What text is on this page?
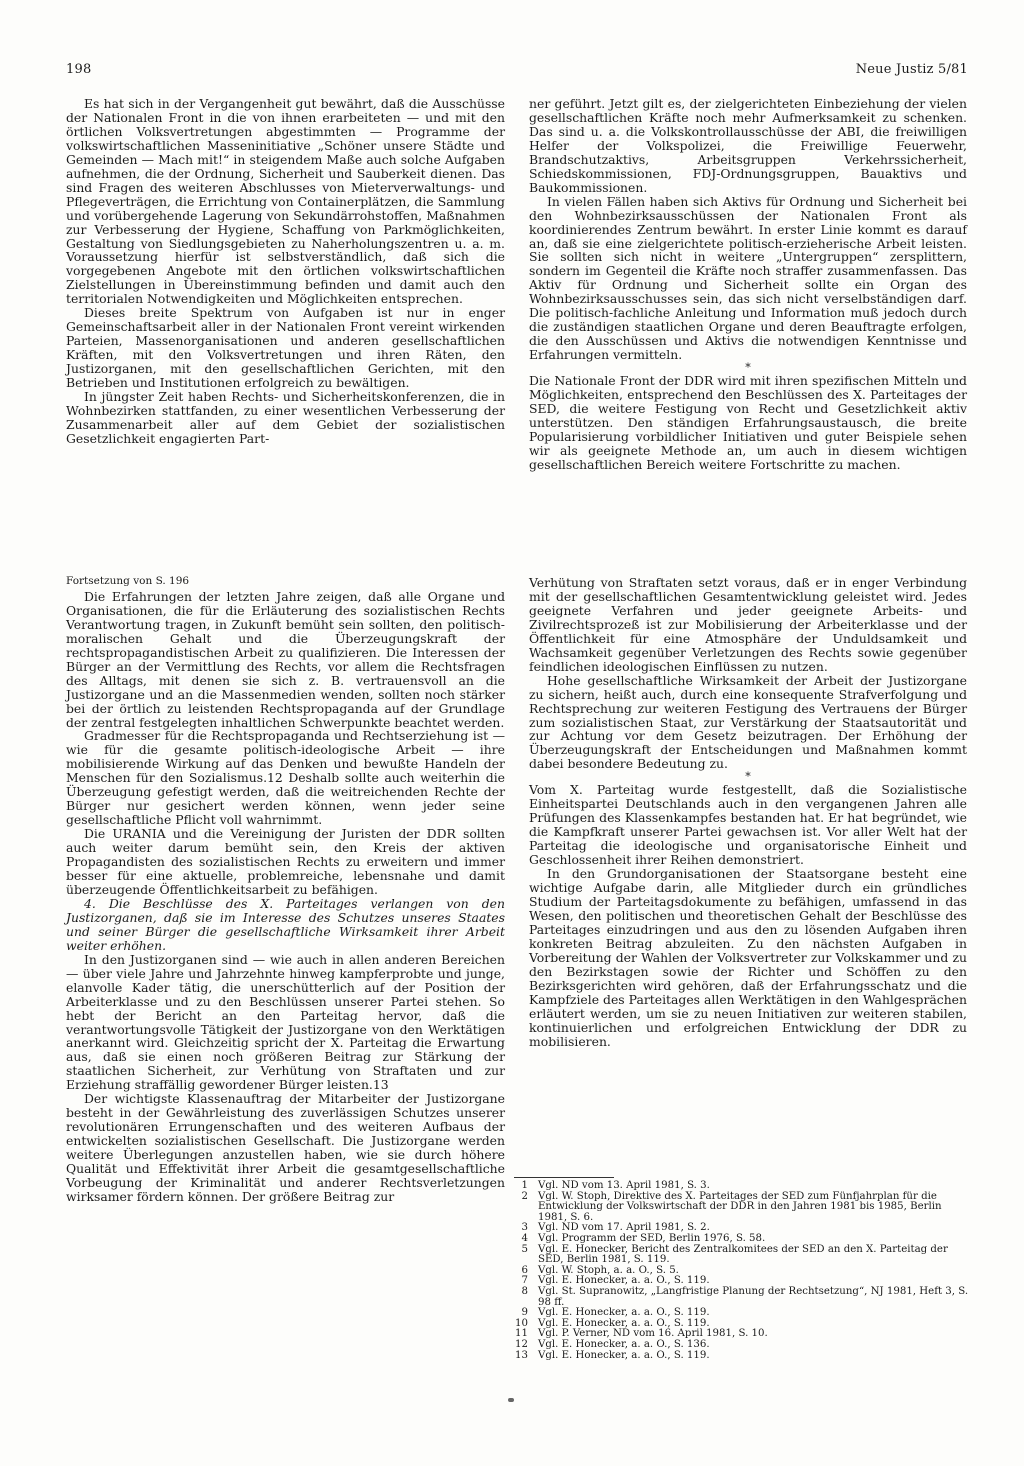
198	Neue Justiz 5/81

Es hat sich in der Vergangenheit gut bewährt, daß die Ausschüsse der Nationalen Front in die von ihnen erarbeiteten — und mit den örtlichen Volksvertretungen abgestimmten — Programme der volkswirtschaftlichen Masseninitiative „Schöner unsere Städte und Gemeinden — Mach mit!“ in steigendem Maße auch solche Aufgaben aufnehmen, die der Ordnung, Sicherheit und Sauberkeit dienen. Das sind Fragen des weiteren Abschlusses von Mieterverwaltungs- und Pflegeverträgen, die Errichtung von Containerplätzen, die Sammlung und vorübergehende Lagerung von Sekundärrohstoffen, Maßnahmen zur Verbesserung der Hygiene, Schaffung von Parkmöglichkeiten, Gestaltung von Siedlungsgebieten zu Naherholungszentren u. a. m. Voraussetzung hierfür ist selbstverständlich, daß sich die vorgegebenen Angebote mit den örtlichen volkswirtschaftlichen Zielstellungen in Übereinstimmung befinden und damit auch den territorialen Notwendigkeiten und Möglichkeiten entsprechen.

Dieses breite Spektrum von Aufgaben ist nur in enger Gemeinschaftsarbeit aller in der Nationalen Front vereint wirkenden Parteien, Massenorganisationen und anderen gesellschaftlichen Kräften, mit den Volksvertretungen und ihren Räten, den Justizorganen, mit den gesellschaftlichen Gerichten, mit den Betrieben und Institutionen erfolgreich zu bewältigen.

In jüngster Zeit haben Rechts- und Sicherheitskonferenzen, die in Wohnbezirken stattfanden, zu einer wesentlichen Verbesserung der Zusammenarbeit aller auf dem Gebiet der sozialistischen Gesetzlichkeit engagierten Part-

ner geführt. Jetzt gilt es, der zielgerichteten Einbeziehung der vielen gesellschaftlichen Kräfte noch mehr Aufmerksamkeit zu schenken. Das sind u. a. die Volkskontrollausschüsse der ABI, die freiwilligen Helfer der Volkspolizei, die Freiwillige Feuerwehr, Brandschutzaktivs, Arbeitsgruppen Verkehrssicherheit, Schiedskommissionen, FDJ-Ordnungsgruppen, Bauaktivs und Baukommissionen.

In vielen Fällen haben sich Aktivs für Ordnung und Sicherheit bei den Wohnbezirksausschüssen der Nationalen Front als koordinierendes Zentrum bewährt. In erster Linie kommt es darauf an, daß sie eine zielgerichtete politisch-erzieherische Arbeit leisten. Sie sollten sich nicht in weitere „Untergruppen“ zersplittern, sondern im Gegenteil die Kräfte noch straffer zusammenfassen. Das Aktiv für Ordnung und Sicherheit sollte ein Organ des Wohnbezirksausschusses sein, das sich nicht verselbständigen darf. Die politisch-fachliche Anleitung und Information muß jedoch durch die zuständigen staatlichen Organe und deren Beauftragte erfolgen, die den Ausschüssen und Aktivs die notwendigen Kenntnisse und Erfahrungen vermitteln.

*

Die Nationale Front der DDR wird mit ihren spezifischen Mitteln und Möglichkeiten, entsprechend den Beschlüssen des X. Parteitages der SED, die weitere Festigung von Recht und Gesetzlichkeit aktiv unterstützen. Den ständigen Erfahrungsaustausch, die breite Popularisierung vorbildlicher Initiativen und guter Beispiele sehen wir als geeignete Methode an, um auch in diesem wichtigen gesellschaftlichen Bereich weitere Fortschritte zu machen.

Fortsetzung von S. 196

Die Erfahrungen der letzten Jahre zeigen, daß alle Organe und Organisationen, die für die Erläuterung des sozialistischen Rechts Verantwortung tragen, in Zukunft bemüht sein sollten, den politisch-moralischen Gehalt und die Überzeugungskraft der rechtspropagandistischen Arbeit zu qualifizieren. Die Interessen der Bürger an der Vermittlung des Rechts, vor allem die Rechtsfragen des Alltags, mit denen sie sich z. B. vertrauensvoll an die Justizorgane und an die Massenmedien wenden, sollten noch stärker bei der örtlich zu leistenden Rechtspropaganda auf der Grundlage der zentral festgelegten inhaltlichen Schwerpunkte beachtet werden.

Gradmesser für die Rechtspropaganda und Rechtserziehung ist — wie für die gesamte politisch-ideologische Arbeit — ihre mobilisierende Wirkung auf das Denken und bewußte Handeln der Menschen für den Sozialismus.12 Deshalb sollte auch weiterhin die Überzeugung gefestigt werden, daß die weitreichenden Rechte der Bürger nur gesichert werden können, wenn jeder seine gesellschaftliche Pflicht voll wahrnimmt.

Die URANIA und die Vereinigung der Juristen der DDR sollten auch weiter darum bemüht sein, den Kreis der aktiven Propagandisten des sozialistischen Rechts zu erweitern und immer besser für eine aktuelle, problemreiche, lebensnahe und damit überzeugende Öffentlichkeitsarbeit zu befähigen.

4. Die Beschlüsse des X. Parteitages verlangen von den Justizorganen, daß sie im Interesse des Schutzes unseres Staates und seiner Bürger die gesellschaftliche Wirksamkeit ihrer Arbeit weiter erhöhen.

In den Justizorganen sind — wie auch in allen anderen Bereichen — über viele Jahre und Jahrzehnte hinweg kampferprobte und junge, elanvolle Kader tätig, die unerschütterlich auf der Position der Arbeiterklasse und zu den Beschlüssen unserer Partei stehen. So hebt der Bericht an den Parteitag hervor, daß die verantwortungsvolle Tätigkeit der Justizorgane von den Werktätigen anerkannt wird. Gleichzeitig spricht der X. Parteitag die Erwartung aus, daß sie einen noch größeren Beitrag zur Stärkung der staatlichen Sicherheit, zur Verhütung von Straftaten und zur Erziehung straffällig gewordener Bürger leisten.13

Der wichtigste Klassenauftrag der Mitarbeiter der Justizorgane besteht in der Gewährleistung des zuverlässigen Schutzes unserer revolutionären Errungenschaften und des weiteren Aufbaus der entwickelten sozialistischen Gesellschaft. Die Justizorgane werden weitere Überlegungen anzustellen haben, wie sie durch höhere Qualität und Effektivität ihrer Arbeit die gesamtgesellschaftliche Vorbeugung der Kriminalität und anderer Rechtsverletzungen wirksamer fördern können. Der größere Beitrag zur

Verhütung von Straftaten setzt voraus, daß er in enger Verbindung mit der gesellschaftlichen Gesamtentwicklung geleistet wird. Jedes geeignete Verfahren und jeder geeignete Arbeits- und Zivilrechtsprozeß ist zur Mobilisierung der Arbeiterklasse und der Öffentlichkeit für eine Atmosphäre der Unduldsamkeit und Wachsamkeit gegenüber Verletzungen des Rechts sowie gegenüber feindlichen ideologischen Einflüssen zu nutzen.

Hohe gesellschaftliche Wirksamkeit der Arbeit der Justizorgane zu sichern, heißt auch, durch eine konsequente Strafverfolgung und Rechtsprechung zur weiteren Festigung des Vertrauens der Bürger zum sozialistischen Staat, zur Verstärkung der Staatsautorität und zur Achtung vor dem Gesetz beizutragen. Der Erhöhung der Überzeugungskraft der Entscheidungen und Maßnahmen kommt dabei besondere Bedeutung zu.

*

Vom X. Parteitag wurde festgestellt, daß die Sozialistische Einheitspartei Deutschlands auch in den vergangenen Jahren alle Prüfungen des Klassenkampfes bestanden hat. Er hat begründet, wie die Kampfkraft unserer Partei gewachsen ist. Vor aller Welt hat der Parteitag die ideologische und organisatorische Einheit und Geschlossenheit ihrer Reihen demonstriert.

In den Grundorganisationen der Staatsorgane besteht eine wichtige Aufgabe darin, alle Mitglieder durch ein gründliches Studium der Parteitagsdokumente zu befähigen, umfassend in das Wesen, den politischen und theoretischen Gehalt der Beschlüsse des Parteitages einzudringen und aus den zu lösenden Aufgaben ihren konkreten Beitrag abzuleiten. Zu den nächsten Aufgaben in Vorbereitung der Wahlen der Volksvertreter zur Volkskammer und zu den Bezirkstagen sowie der Richter und Schöffen zu den Bezirksgerichten wird gehören, daß der Erfahrungsschatz und die Kampfziele des Parteitages allen Werktätigen in den Wahlgesprächen erläutert werden, um sie zu neuen Initiativen zur weiteren stabilen, kontinuierlichen und erfolgreichen Entwicklung der DDR zu mobilisieren.

1 Vgl. ND vom 13. April 1981, S. 3.
2 Vgl. W. Stoph, Direktive des X. Parteitages der SED zum Fünfjahrplan für die Entwicklung der Volkswirtschaft der DDR in den Jahren 1981 bis 1985, Berlin 1981, S. 6.
3 Vgl. ND vom 17. April 1981, S. 2.
4 Vgl. Programm der SED, Berlin 1976, S. 58.
5 Vgl. E. Honecker, Bericht des Zentralkomitees der SED an den X. Parteitag der SED, Berlin 1981, S. 119.
6 Vgl. W. Stoph, a. a. O., S. 5.
7 Vgl. E. Honecker, a. a. O., S. 119.
8 Vgl. St. Supranowitz, „Langfristige Planung der Rechtsetzung“, NJ 1981, Heft 3, S. 98 ff.
9 Vgl. E. Honecker, a. a. O., S. 119.
10 Vgl. E. Honecker, a. a. O., S. 119.
11 Vgl. P. Verner, ND vom 16. April 1981, S. 10.
12 Vgl. E. Honecker, a. a. O., S. 136.
13 Vgl. E. Honecker, a. a. O., S. 119.
